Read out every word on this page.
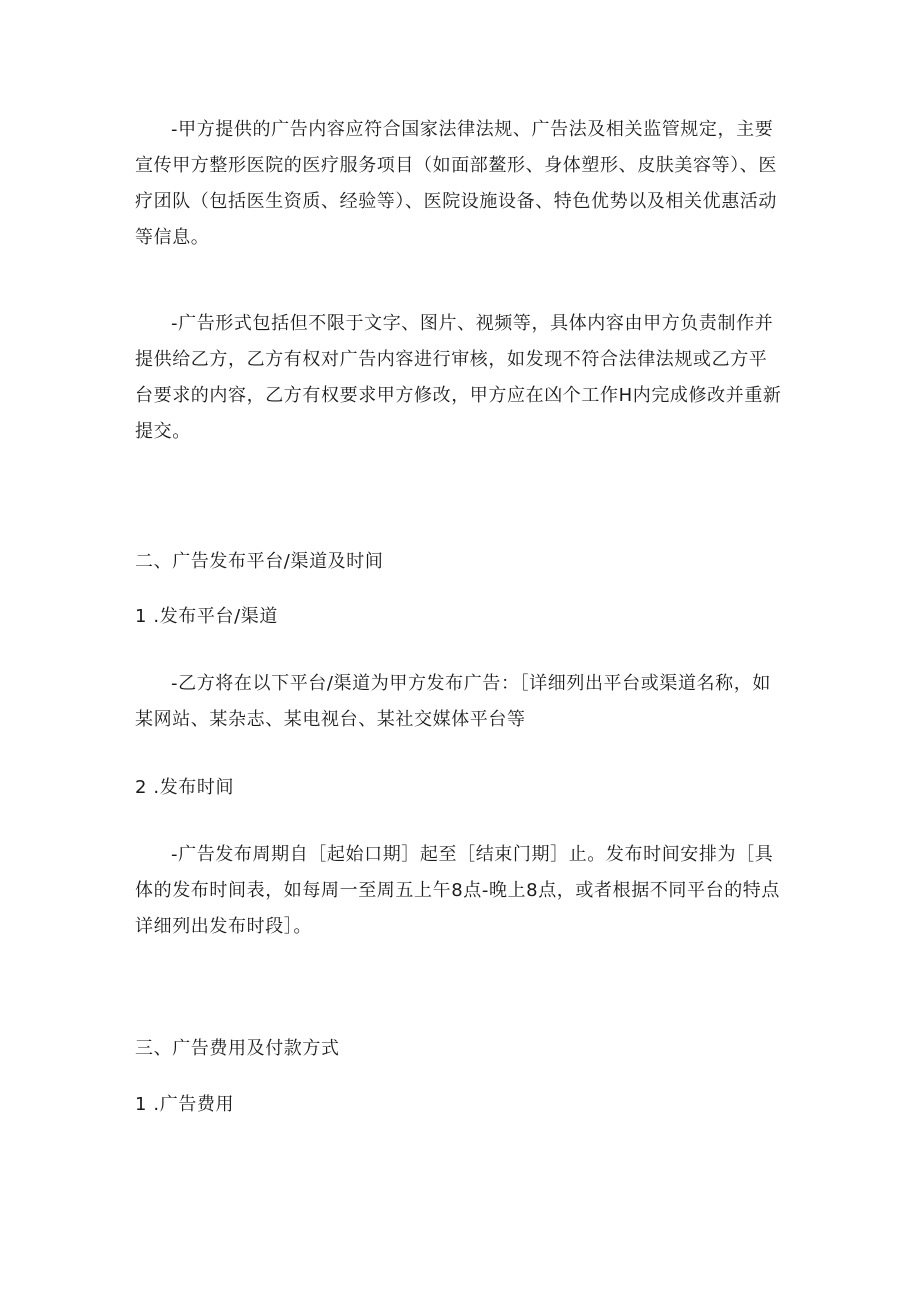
-甲方提供的广告内容应符合国家法律法规、广告法及相关监管规定，主要宣传甲方整形医院的医疗服务项目（如面部鳌形、身体塑形、皮肤美容等）、医疗团队（包括医生资质、经验等）、医院设施设备、特色优势以及相关优惠活动等信息。

-广告形式包括但不限于文字、图片、视频等，具体内容由甲方负责制作并提供给乙方，乙方有权对广告内容进行审核，如发现不符合法律法规或乙方平台要求的内容，乙方有权要求甲方修改，甲方应在凶个工作H内完成修改并重新提交。

二、广告发布平台/渠道及时间

1 .发布平台/渠道

-乙方将在以下平台/渠道为甲方发布广告：［详细列出平台或渠道名称，如某网站、某杂志、某电视台、某社交媒体平台等

2 .发布时间

-广告发布周期自［起始口期］起至［结束门期］止。发布时间安排为［具体的发布时间表，如每周一至周五上午8点-晚上8点，或者根据不同平台的特点详细列出发布时段］。

三、广告费用及付款方式

1 .广告费用
